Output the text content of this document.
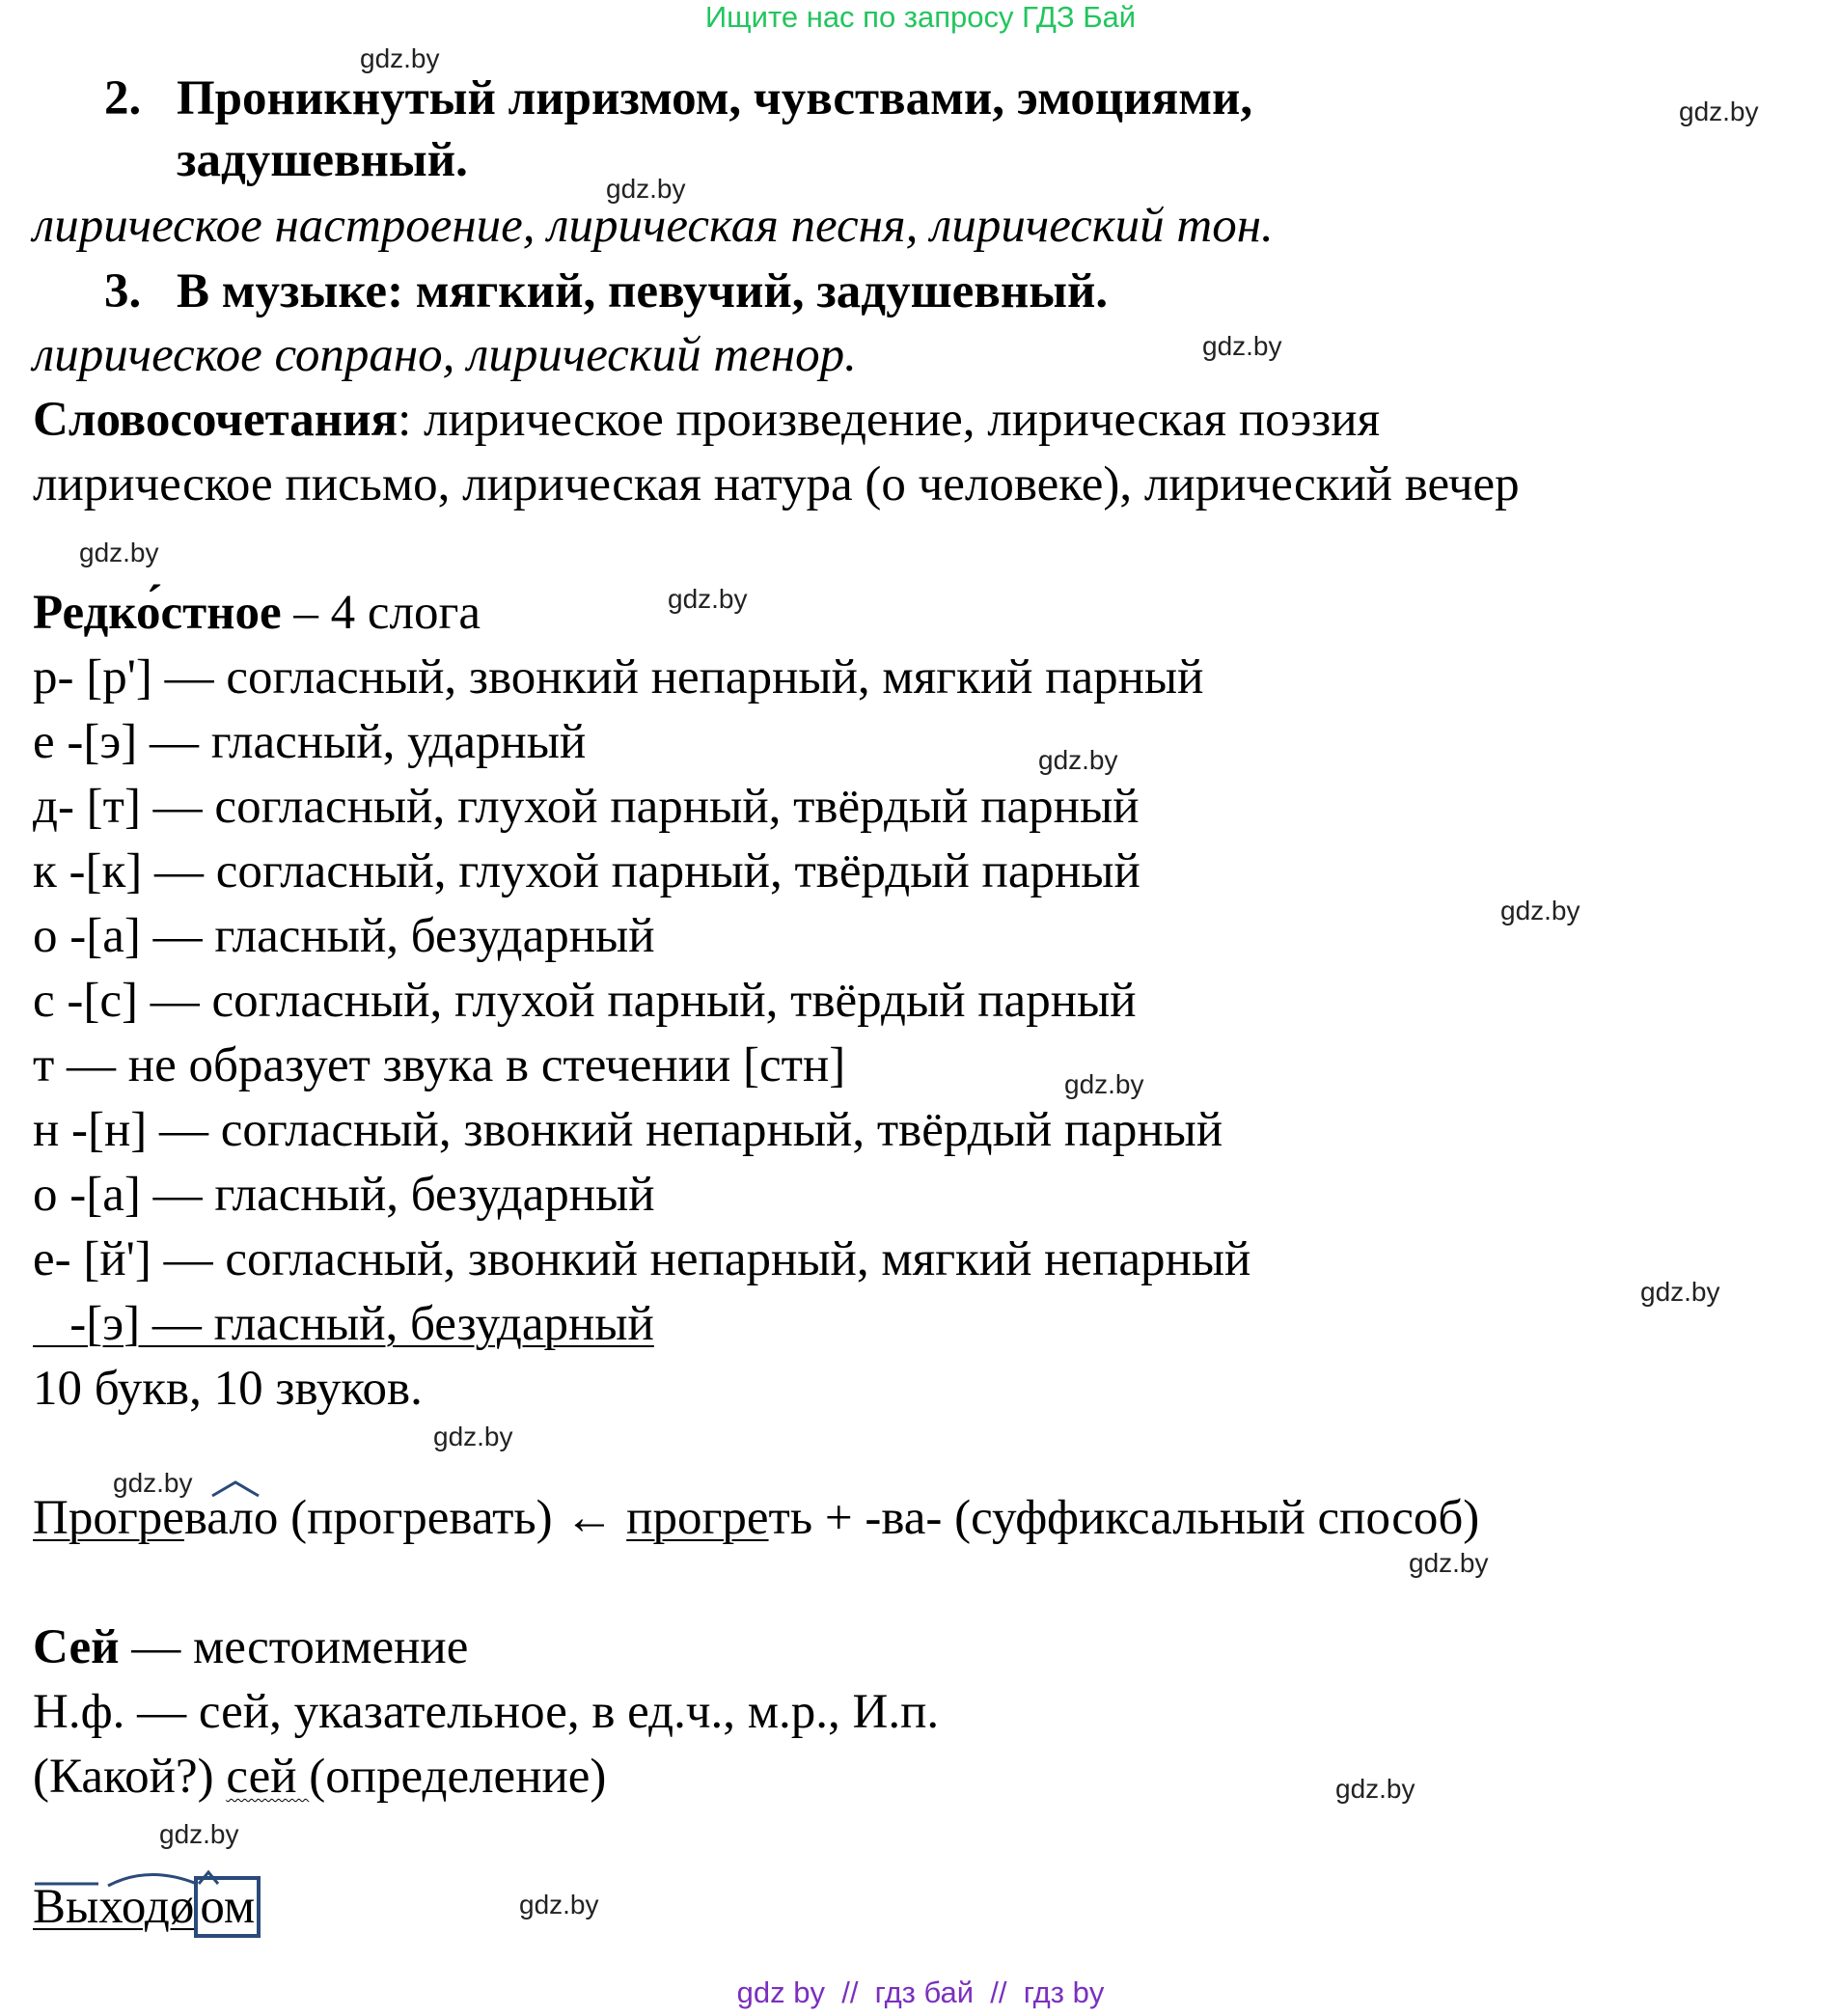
Ищите нас по запросу ГДЗ Бай
2. Проникнутый лиризмом, чувствами, эмоциями,
задушевный.
лирическое настроение, лирическая песня, лирический тон.
3. В музыке: мягкий, певучий, задушевный.
лирическое сопрано, лирический тенор.
Словосочетания: лирическое произведение, лирическая поэзия
лирическое письмо, лирическая натура (о человеке), лирический вечер
Редко́стное – 4 слога
р- [р'] — согласный, звонкий непарный, мягкий парный
е -[э] — гласный, ударный
д- [т] — согласный, глухой парный, твёрдый парный
к -[к] — согласный, глухой парный, твёрдый парный
о -[а] — гласный, безударный
с -[с] — согласный, глухой парный, твёрдый парный
т — не образует звука в стечении [стн]
н -[н] — согласный, звонкий непарный, твёрдый парный
о -[а] — гласный, безударный
е- [й'] — согласный, звонкий непарный, мягкий непарный
-[э] — гласный, безударный
10 букв, 10 звуков.
Прогревало (прогревать) ← прогреть + -ва- (суффиксальный способ)
Сей — местоимение
Н.ф. — сей, указательное, в ед.ч., м.р., И.п.
(Какой?) сей (определение)
Выходø ом
gdz.by
gdz.by
gdz.by
gdz.by
gdz.by
gdz.by
gdz.by
gdz.by
gdz.by
gdz.by
gdz.by
gdz.by
gdz.by
gdz.by
gdz.by
gdz.by
gdz by  //  гдз бай  //  гдз by
